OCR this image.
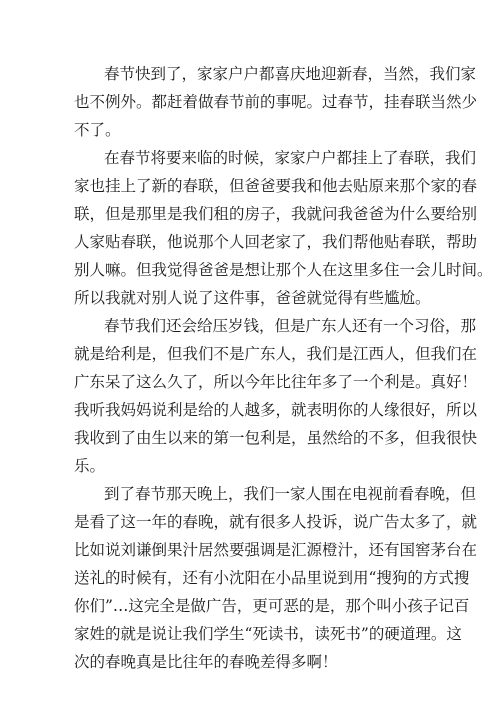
春节快到了，家家户户都喜庆地迎新春，当然，我们家
也不例外。都赶着做春节前的事呢。过春节，挂春联当然少
不了。
在春节将要来临的时候，家家户户都挂上了春联，我们
家也挂上了新的春联，但爸爸要我和他去贴原来那个家的春
联，但是那里是我们租的房子，我就问我爸爸为什么要给别
人家贴春联，他说那个人回老家了，我们帮他贴春联，帮助
别人嘛。但我觉得爸爸是想让那个人在这里多住一会儿时间。
所以我就对别人说了这件事，爸爸就觉得有些尴尬。
春节我们还会给压岁钱，但是广东人还有一个习俗，那
就是给利是，但我们不是广东人，我们是江西人，但我们在
广东呆了这么久了，所以今年比往年多了一个利是。真好！
我听我妈妈说利是给的人越多，就表明你的人缘很好，所以
我收到了由生以来的第一包利是，虽然给的不多，但我很快
乐。
到了春节那天晚上，我们一家人围在电视前看春晚，但
是看了这一年的春晚，就有很多人投诉，说广告太多了，就
比如说刘谦倒果汁居然要强调是汇源橙汁，还有国窖茅台在
送礼的时候有，还有小沈阳在小品里说到用“搜狗的方式搜
你们”…这完全是做广告，更可恶的是，那个叫小孩子记百
家姓的就是说让我们学生“死读书，读死书”的硬道理。这
次的春晚真是比往年的春晚差得多啊！
